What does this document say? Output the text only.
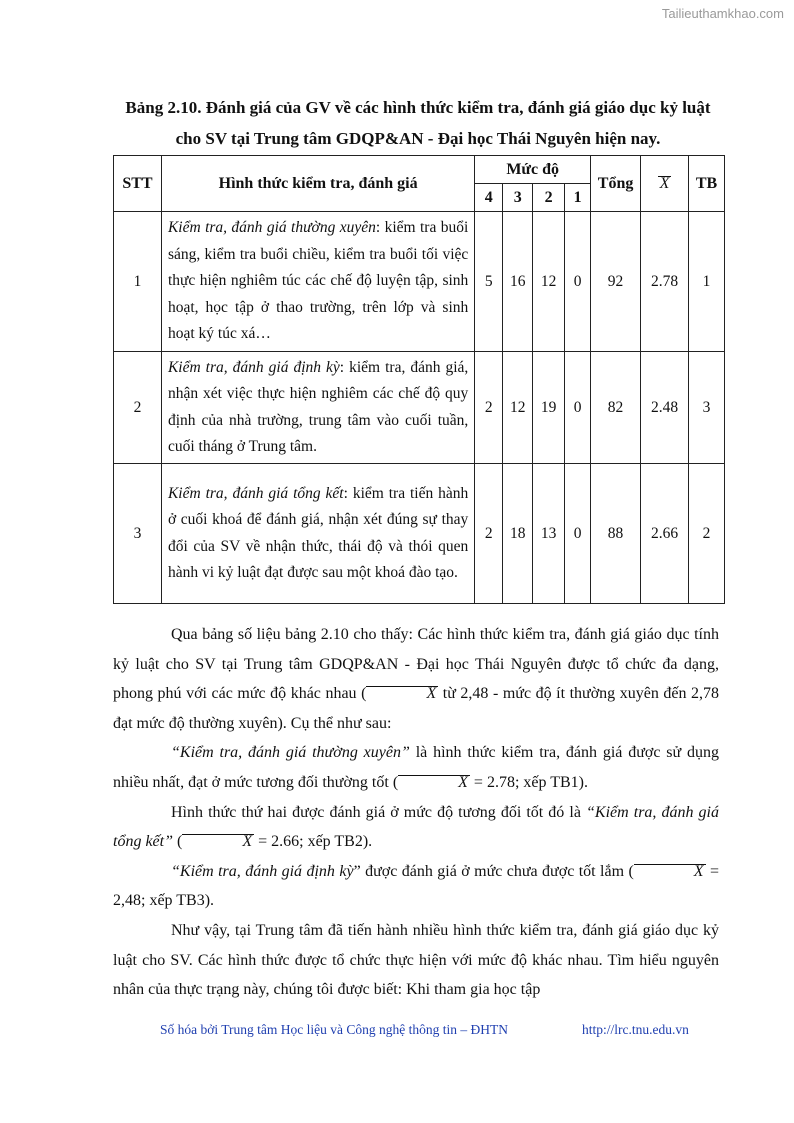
Tailieuthamkhao.com
Bảng 2.10. Đánh giá của GV về các hình thức kiểm tra, đánh giá giáo dục kỷ luật
cho SV tại Trung tâm GDQP&AN - Đại học Thái Nguyên hiện nay.
STT	Hình thức kiểm tra, đánh giá	Mức độ				Tổng	X	TB
		4	3	2	1			
1	Kiểm tra, đánh giá thường xuyên: kiểm tra buổi sáng, kiểm tra buổi chiều, kiểm tra buổi tối việc thực hiện nghiêm túc các chế độ luyện tập, sinh hoạt, học tập ở thao trường, trên lớp và sinh hoạt ký túc xá…	5	16	12	0	92	2.78	1
2	Kiểm tra, đánh giá định kỳ: kiểm tra, đánh giá, nhận xét việc thực hiện nghiêm các chế độ quy định của nhà trường, trung tâm vào cuối tuần, cuối tháng ở Trung tâm.	2	12	19	0	82	2.48	3
3	Kiểm tra, đánh giá tổng kết: kiểm tra tiến hành ở cuối khoá để đánh giá, nhận xét đúng sự thay đổi của SV về nhận thức, thái độ và thói quen hành vi kỷ luật đạt được sau một khoá đào tạo.	2	18	13	0	88	2.66	2

Qua bảng số liệu bảng 2.10 cho thấy: Các hình thức kiểm tra, đánh giá giáo dục tính kỷ luật cho SV tại Trung tâm GDQP&AN - Đại học Thái Nguyên được tổ chức đa dạng, phong phú với các mức độ khác nhau (	X từ 2,48 - mức độ ít thường xuyên đến 2,78 đạt mức độ thường xuyên). Cụ thể như sau:

“Kiểm tra, đánh giá thường xuyên” là hình thức kiểm tra, đánh giá được sử dụng nhiều nhất, đạt ở mức tương đối thường tốt (	X = 2.78; xếp TB1).

Hình thức thứ hai được đánh giá ở mức độ tương đối tốt đó là “Kiểm tra, đánh giá tổng kết” (	X = 2.66; xếp TB2).

“Kiểm tra, đánh giá định kỳ” được đánh giá ở mức chưa được tốt lắm (	X = 2,48; xếp TB3).

Như vậy, tại Trung tâm đã tiến hành nhiều hình thức kiểm tra, đánh giá giáo dục kỷ luật cho SV. Các hình thức được tổ chức thực hiện với mức độ khác nhau. Tìm hiểu nguyên nhân của thực trạng này, chúng tôi được biết: Khi tham gia học tập

Số hóa bởi Trung tâm Học liệu và Công nghệ thông tin – ĐHTN	http://lrc.tnu.edu.vn
